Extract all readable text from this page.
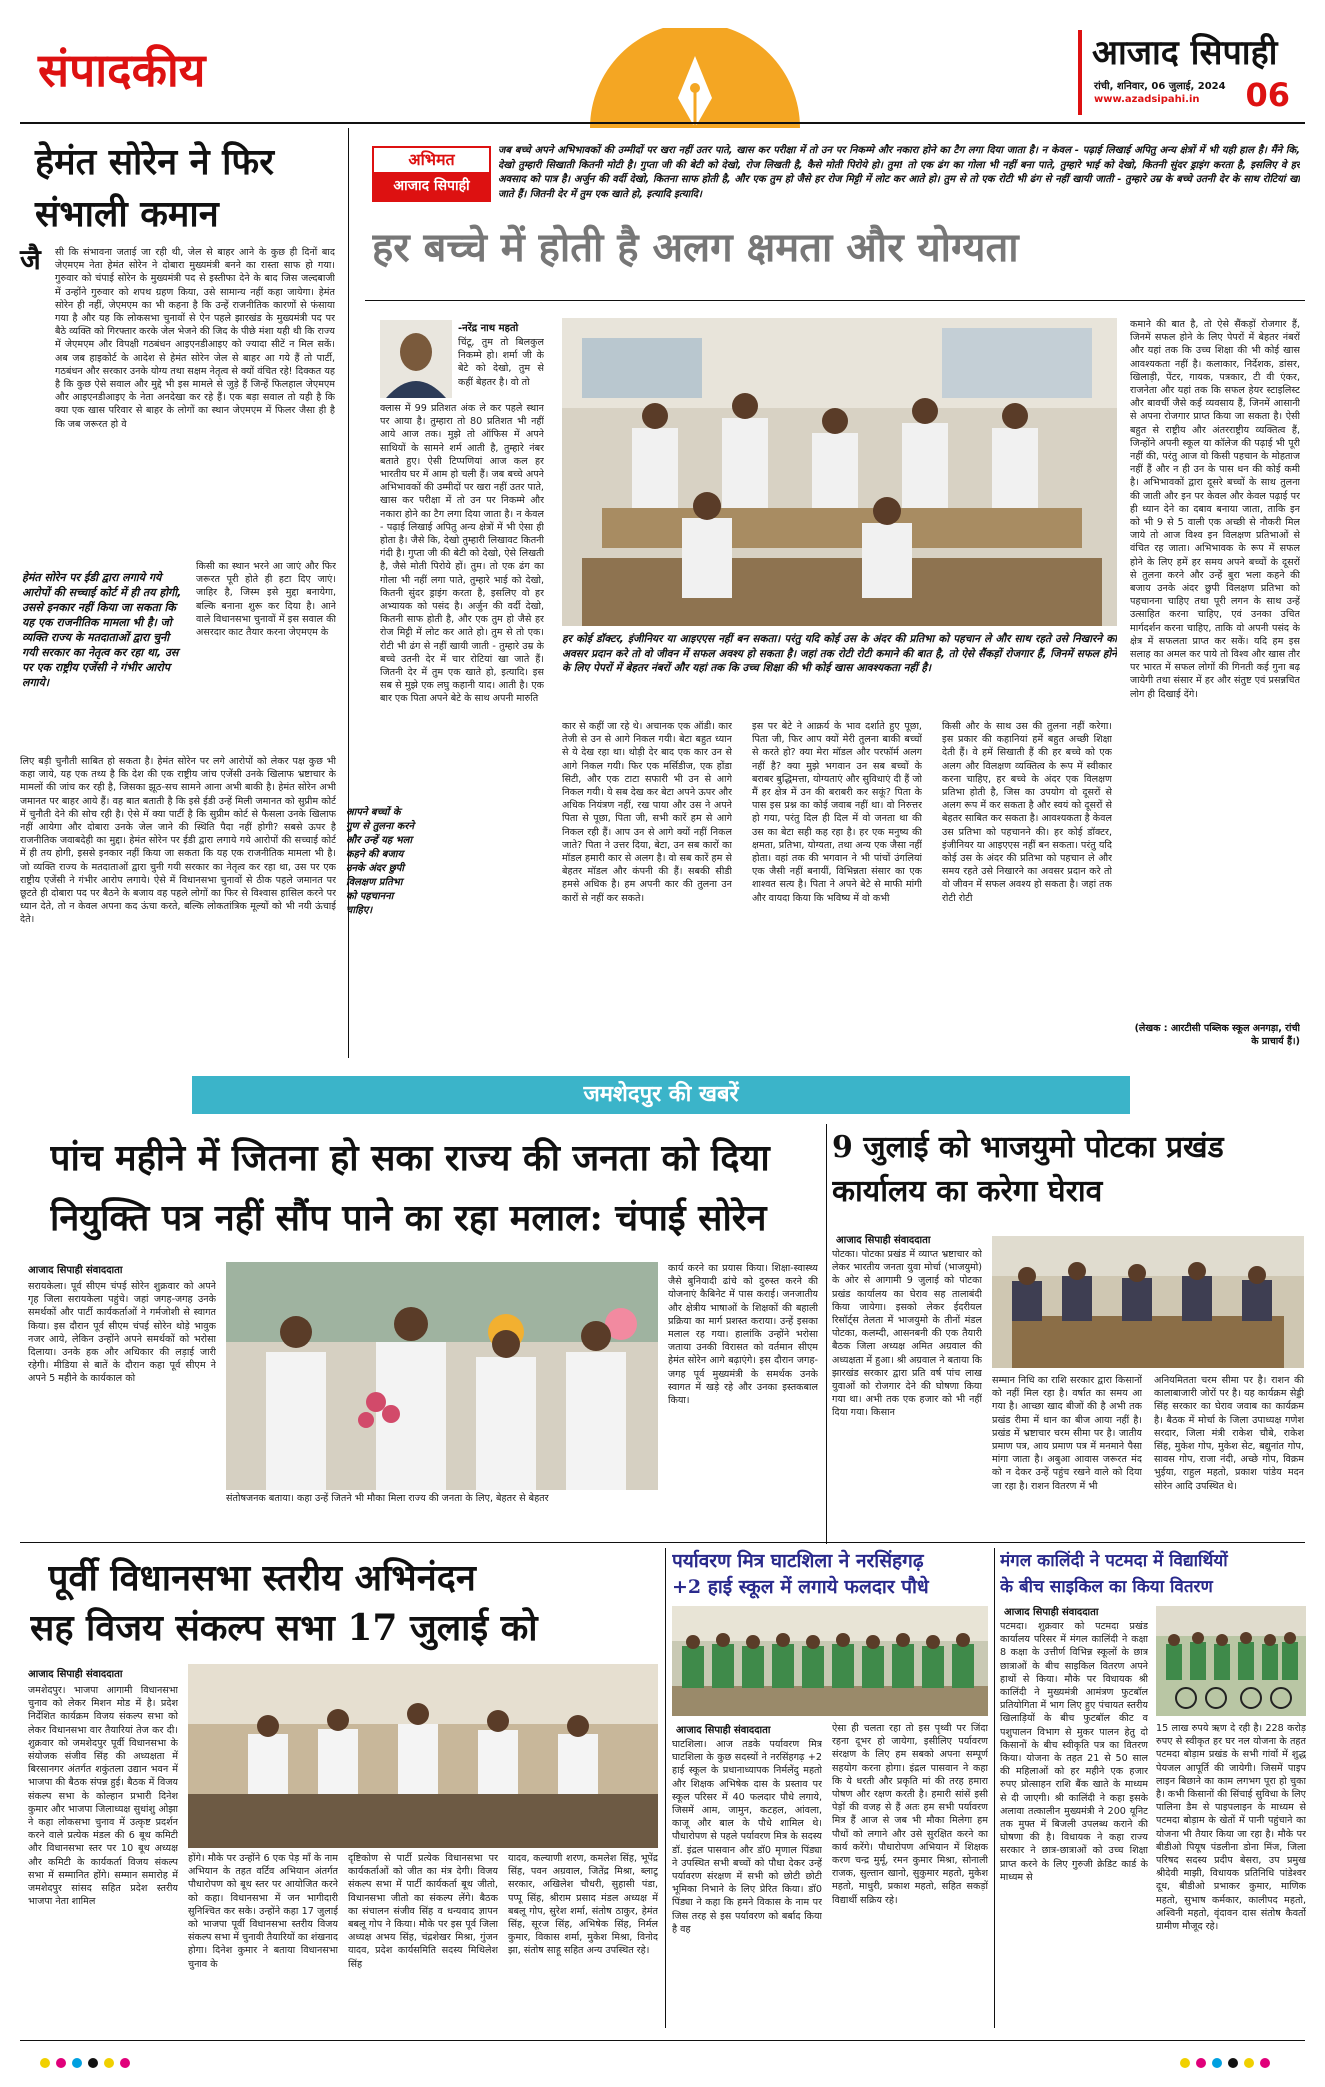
संपादकीय	आजाद सिपाही
रांची, शनिवार, 06 जुलाई, 2024
www.azadsipahi.in	06
हेमंत सोरेन ने फिर संभाली कमान
जै सी कि संभावना जताई जा रही थी, जेल से बाहर आने के कुछ ही दिनों बाद जेएमएम नेता हेमंत सोरेन ने दोबारा मुख्यमंत्री बनने का रास्ता साफ हो गया। गुरुवार को चंपाई सोरेन के मुख्यमंत्री पद से इस्तीफा देने के बाद जिस जल्दबाजी में उन्होंने गुरुवार को शपथ ग्रहण किया, उसे सामान्य नहीं कहा जायेगा। हेमंत सोरेन ही नहीं, जेएमएम का भी कहना है कि उन्हें राजनीतिक कारणों से फंसाया गया है और यह कि लोकसभा चुनावों से ऐन पहले झारखंड के मुख्यमंत्री पद पर बैठे व्यक्ति को गिरफ्तार करके जेल भेजने की जिद के पीछे मंशा यही थी कि राज्य में जेएमएम और विपक्षी गठबंधन आइएनडीआइए को ज्यादा सीटें न मिल सकें। अब जब हाइकोर्ट के आदेश से हेमंत सोरेन जेल से बाहर आ गये हैं तो पार्टी, गठबंधन और सरकार उनके योग्य तथा सक्षम नेतृत्व से क्यों वंचित रहे! दिक्कत यह है कि कुछ ऐसे सवाल और मुद्दे भी इस मामले से जुड़े हैं जिन्हें फिलहाल जेएमएम और आइएनडीआइए के नेता अनदेखा कर रहे हैं। एक बड़ा सवाल तो यही है कि क्या एक खास परिवार से बाहर के लोगों का स्थान जेएमएम में फिलर जैसा ही है कि जब जरूरत हो वे
हेमंत सोरेन पर ईडी द्वारा लगाये गये आरोपों की सच्चाई कोर्ट में ही तय होगी, उससे इनकार नहीं किया जा सकता कि यह एक राजनीतिक मामला भी है। जो व्यक्ति राज्य के मतदाताओं द्वारा चुनी गयी सरकार का नेतृत्व कर रहा था, उस पर एक राष्ट्रीय एजेंसी ने गंभीर आरोप लगाये।
किसी का स्थान भरने आ जाएं और फिर जरूरत पूरी होते ही हटा दिए जाएं। जाहिर है, जिस्म इसे मुद्दा बनायेगा, बल्कि बनाना शुरू कर दिया है। आने वाले विधानसभा चुनावों में इस सवाल की असरदार काट तैयार करना जेएमएम के
लिए बड़ी चुनौती साबित हो सकता है। हेमंत सोरेन पर लगे आरोपों को लेकर पक्ष कुछ भी कहा जाये, यह एक तथ्य है कि देश की एक राष्ट्रीय जांच एजेंसी उनके खिलाफ भ्रष्टाचार के मामलों की जांच कर रही है, जिसका झूठ-सच सामने आना अभी बाकी है। हेमंत सोरेन अभी जमानत पर बाहर आये हैं। वह बात बताती है कि इसे ईडी उन्हें मिली जमानत को सुप्रीम कोर्ट में चुनौती देने की सोच रही है। ऐसे में क्या पार्टी है कि सुप्रीम कोर्ट से फैसला उनके खिलाफ नहीं आयेगा और दोबारा उनके जेल जाने की स्थिति पैदा नहीं होगी? सबसे ऊपर है राजनीतिक जवाबदेही का मुद्दा। हेमंत सोरेन पर ईडी द्वारा लगाये गये आरोपों की सच्चाई कोर्ट में ही तय होगी, इससे इनकार नहीं किया जा सकता कि यह एक राजनीतिक मामला भी है। जो व्यक्ति राज्य के मतदाताओं द्वारा चुनी गयी सरकार का नेतृत्व कर रहा था, उस पर एक राष्ट्रीय एजेंसी ने गंभीर आरोप लगाये। ऐसे में विधानसभा चुनावों से ठीक पहले जमानत पर छूटते ही दोबारा पद पर बैठने के बजाय वह पहले लोगों का फिर से विश्वास हासिल करने पर ध्यान देते, तो न केवल अपना कद ऊंचा करते, बल्कि लोकतांत्रिक मूल्यों को भी नयी ऊंचाई देते।
अभिमत
आजाद सिपाही
जब बच्चे अपने अभिभावकों की उम्मीदों पर खरा नहीं उतर पाते, खास कर परीक्षा में तो उन पर निकम्मे और नकारा होने का टैग लगा दिया जाता है। न केवल - पढ़ाई लिखाई अपितु अन्य क्षेत्रों में भी यही हाल है। मैंने कि, देखो तुम्हारी सिखाती कितनी मोटी है। गुप्ता जी की बेटी को देखो, रोज लिखती है, कैसे मोती पिरोये हो। तुम! तो एक ढंग का गोला भी नहीं बना पाते, तुम्हारे भाई को देखो, कितनी सुंदर ड्राइंग करता है, इसलिए वे हर अवसाद को पात्र है। अर्जुन की वर्दी देखो, कितना साफ होती है, और एक तुम हो जैसे हर रोज मिट्टी में लोट कर आते हो। तुम से तो एक रोटी भी ढंग से नहीं खायी जाती - तुम्हारे उम्र के बच्चे उतनी देर के साथ रोटियां खा जाते हैं। जितनी देर में तुम एक खाते हो, इत्यादि इत्यादि।
हर बच्चे में होती है अलग क्षमता और योग्यता
-नरेंद्र नाथ महतो
चिंटू, तुम तो बिलकुल निकम्मे हो। शर्मा जी के बेटे को देखो, तुम से कहीं बेहतर है। वो तो
क्लास में 99 प्रतिशत अंक ले कर पहले स्थान पर आया है। तुम्हारा तो 80 प्रतिशत भी नहीं आये आज तक। मुझे तो ऑफिस में अपने साथियों के सामने शर्म आती है, तुम्हारे नंबर बताते हुए। ऐसी टिप्पणियां आज कल हर भारतीय घर में आम हो चली हैं। जब बच्चे अपने अभिभावकों की उम्मीदों पर खरा नहीं उतर पाते, खास कर परीक्षा में तो उन पर निकम्मे और नकारा होने का टैग लगा दिया जाता है। न केवल - पढ़ाई लिखाई अपितु अन्य क्षेत्रों में भी ऐसा ही होता है। जैसे कि, देखो तुम्हारी लिखावट कितनी गंदी है। गुप्ता जी की बेटी को देखो, ऐसे लिखती है, जैसे मोती पिरोये हों। तुम। तो एक ढंग का गोला भी नहीं लगा पाते, तुम्हारे भाई को देखो, कितनी सुंदर ड्राइंग करता है, इसलिए वो हर अभ्यायक को पसंद है। अर्जुन की वर्दी देखो, कितनी साफ होती है, और एक तुम हो जैसे हर रोज मिट्टी में लोट कर आते हो। तुम से तो एक। रोटी भी ढंग से नहीं खायी जाती - तुम्हारे उम्र के बच्चे उतनी देर में चार रोटियां खा जाते हैं। जितनी देर में तुम एक खाते हो, इत्यादि। इस सब से मुझे एक लघु कहानी याद। आती है। एक बार एक पिता अपने बेटे के साथ अपनी मारुति
आपने बच्चों के गुण से तुलना करने और उन्हें यह भला कहने की बजाय उनके अंदर छुपी विलक्षण प्रतिभा को पहचानना चाहिए।
हर कोई डॉक्टर, इंजीनियर या आइएएस नहीं बन सकता। परंतु यदि कोई उस के अंदर की प्रतिभा को पहचान ले और साथ रहते उसे निखारने का अवसर प्रदान करे तो वो जीवन में सफल अवश्य हो सकता है। जहां तक रोटी रोटी कमाने की बात है, तो ऐसे सैंकड़ों रोजगार हैं, जिनमें सफल होने के लिए पेपरों में बेहतर नंबरों और यहां तक कि उच्च शिक्षा की भी कोई खास आवश्यकता नहीं है।
कार से कहीं जा रहे थे। अचानक एक ऑडी। कार तेजी से उन से आगे निकल गयी। बेटा बहुत ध्यान से ये देख रहा था। थोड़ी देर बाद एक कार उन से आगे निकल गयी। फिर एक मर्सिडीज, एक होंडा सिटी, और एक टाटा सफारी भी उन से आगे निकल गयी। ये सब देख कर बेटा अपने ऊपर और अधिक नियंत्रण नहीं, रख पाया और उस ने अपने पिता से पूछा, पिता जी, सभी कारें हम से आगे निकल रही हैं। आप उन से आगे क्यों नहीं निकल जाते? पिता ने उत्तर दिया, बेटा, उन सब कारों का मॉडल हमारी कार से अलग है। वो सब कारें हम से बेहतर मॉडल और कंपनी की हैं। सबकी सीडी हमसे अधिक है। हम अपनी कार की तुलना उन कारों से नहीं कर सकते।
इस पर बेटे ने आक्रर्य के भाव दर्शाते हुए पूछा, पिता जी, फिर आप क्यों मेरी तुलना बाकी बच्चों से करते हो? क्या मेरा मॉडल और परफॉर्म अलग नहीं है? क्या मुझे भगवान उन सब बच्चों के बराबर बुद्धिमत्ता, योग्यताएं और सुविधाएं दी हैं जो मैं हर क्षेत्र में उन की बराबरी कर सकूं? पिता के पास इस प्रश्न का कोई जवाब नहीं था। वो निरुत्तर हो गया, परंतु दिल ही दिल में वो जनता था की उस का बेटा सही कह रहा है। हर एक मनुष्य की क्षमता, प्रतिभा, योग्यता, तथा अन्य एक जैसा नहीं होता। वहां तक की भगवान ने भी पांचों उंगलियां एक जैसी नहीं बनायीं, विभिन्नता संसार का एक शाश्वत सत्य है। पिता ने अपने बेटे से माफी मांगी और वायदा किया कि भविष्य में वो कभी
किसी और के साथ उस की तुलना नहीं करेगा। इस प्रकार की कहानियां हमें बहुत अच्छी शिक्षा देती हैं। वे हमें सिखाती हैं की हर बच्चे को एक अलग और विलक्षण व्यक्तित्व के रूप में स्वीकार करना चाहिए, हर बच्चे के अंदर एक विलक्षण प्रतिभा होती है, जिस का उपयोग वो दूसरों से अलग रूप में कर सकता है और स्वयं को दूसरों से बेहतर साबित कर सकता है। आवश्यकता है केवल उस प्रतिभा को पहचानने की। हर कोई डॉक्टर, इंजीनियर या आइएएस नहीं बन सकता। परंतु यदि कोई उस के अंदर की प्रतिभा को पहचान ले और समय रहते उसे निखारने का अवसर प्रदान करे तो वो जीवन में सफल अवश्य हो सकता है। जहां तक रोटी रोटी
कमाने की बात है, तो ऐसे सैंकड़ों रोजगार हैं, जिनमें सफल होने के लिए पेपरों में बेहतर नंबरों और यहां तक कि उच्च शिक्षा की भी कोई खास आवश्यकता नहीं है। कलाकार, निर्देशक, डांसर, खिलाड़ी, पेंटर, गायक, पत्रकार, टी वी एंकर, राजनेता और यहां तक कि सफल हेयर स्टाइलिस्ट और बावर्ची जैसे कई व्यवसाय हैं, जिनमें आसानी से अपना रोजगार प्राप्त किया जा सकता है। ऐसी बहुत से राष्ट्रीय और अंतरराष्ट्रीय व्यक्तित्व हैं, जिन्होंने अपनी स्कूल या कॉलेज की पढ़ाई भी पूरी नहीं की, परंतु आज वो किसी पहचान के मोहताज नहीं हैं और न ही उन के पास धन की कोई कमी है। अभिभावकों द्वारा दूसरे बच्चों के साथ तुलना की जाती और इन पर केवल और केवल पढ़ाई पर ही ध्यान देने का दबाव बनाया जाता, ताकि इन को भी 9 से 5 वाली एक अच्छी से नौकरी मिल जाये तो आज विश्व इन विलक्षण प्रतिभाओं से वंचित रह जाता। अभिभावक के रूप में सफल होने के लिए हमें हर समय अपने बच्चों के दूसरों से तुलना करने और उन्हें बुरा भला कहने की बजाय उनके अंदर छुपी विलक्षण प्रतिभा को पहचानना चाहिए तथा पूरी लगन के साथ उन्हें उत्साहित करना चाहिए, एवं उनका उचित मार्गदर्शन करना चाहिए, ताकि वो अपनी पसंद के क्षेत्र में सफलता प्राप्त कर सकें। यदि हम इस सलाह का अमल कर पाये तो विश्व और खास तौर पर भारत में सफल लोगों की गिनती कई गुना बढ़ जायेगी तथा संसार में हर और संतुष्ट एवं प्रसन्नचित लोग ही दिखाई देंगे।
(लेखक : आरटीसी पब्लिक स्कूल अनगड़ा, रांची के प्राचार्य हैं।)
जमशेदपुर की खबरें
पांच महीने में जितना हो सका राज्य की जनता को दिया
नियुक्ति पत्र नहीं सौंप पाने का रहा मलाल: चंपाई सोरेन
आजाद सिपाही संवाददाता
सरायकेला। पूर्व सीएम चंपई सोरेन शुक्रवार को अपने गृह जिला सरायकेला पहुंचे। जहां जगह-जगह उनके समर्थकों और पार्टी कार्यकर्ताओं ने गर्मजोशी से स्वागत किया। इस दौरान पूर्व सीएम चंपई सोरेन थोड़े भावुक नजर आये, लेकिन उन्होंने अपने समर्थकों को भरोसा दिलाया। उनके हक और अधिकार की लड़ाई जारी रहेगी। मीडिया से बातें के दौरान कहा पूर्व सीएम ने अपने 5 महीने के कार्यकाल को
कार्य करने का प्रयास किया। शिक्षा-स्वास्थ्य जैसे बुनियादी ढांचे को दुरुस्त करने की योजनाएं कैबिनेट में पास कराई। जनजातीय और क्षेत्रीय भाषाओं के शिक्षकों की बहाली प्रक्रिया का मार्ग प्रशस्त कराया। उन्हें इसका मलाल रह गया। हालांकि उन्होंने भरोसा जताया उनकी विरासत को वर्तमान सीएम हेमंत सोरेन आगे बढ़ाएंगे। इस दौरान जगह-जगह पूर्व मुख्यमंत्री के समर्थक उनके स्वागत में खड़े रहे और उनका इस्तकबाल किया।
संतोषजनक बताया। कहा उन्हें जितने भी मौका मिला राज्य की जनता के लिए, बेहतर से बेहतर
9 जुलाई को भाजयुमो पोटका प्रखंड कार्यालय का करेगा घेराव
आजाद सिपाही संवाददाता
पोटका। पोटका प्रखंड में व्याप्त भ्रष्टाचार को लेकर भारतीय जनता युवा मोर्चा (भाजयुमो) के ओर से आगामी 9 जुलाई को पोटका प्रखंड कार्यालय का घेराव सह तालाबंदी किया जायेगा। इसको लेकर ईदरीयल रिसॉर्ट्स तेलता में भाजयुमो के तीनों मंडल पोटका, कलम्दी, आसनबनी की एक तैयारी बैठक जिला अध्यक्ष अमित अग्रवाल की अध्यक्षता में हुआ। श्री अग्रवाल ने बताया कि झारखंड सरकार द्वारा प्रति वर्ष पांच लाख युवाओं को रोजगार देने की घोषणा किया गया था। अभी तक एक हजार को भी नहीं दिया गया। किसान
सम्मान निधि का राशि सरकार द्वारा किसानों को नहीं मिल रहा है। वर्षात का समय आ गया है। आच्छा खाद बीजों की है अभी तक प्रखंड रीमा में धान का बीज आया नहीं है। प्रखंड में भ्रष्टाचार चरम सीमा पर है। जातीय प्रमाण पत्र, आय प्रमाण पत्र में मनमाने पैसा मांगा जाता है। अबुआ आवास जरूरत मंद को न देकर उन्हें पहुंच रखने वाले को दिया जा रहा है। राशन वितरण में भी
अनियमितता चरम सीमा पर है। राशन की कालाबाजारी जोरों पर है। यह कार्यक्रम सेड्डी सिंह सरकार का घेराव जवाब का कार्यक्रम है। बैठक में मोर्चा के जिला उपाध्यक्ष गणेश सरदार, जिला मंत्री राकेश चौबे, राकेश सिंह, मुकेश गोप, मुकेश सेट, बद्युनांत गोप, सावस गोप, राजा नंदी, अच्छे गोप, विक्रम भुईया, राहुल महतो, प्रकाश पांडेय मदन सोरेन आदि उपस्थित थे।
पूर्वी विधानसभा स्तरीय अभिनंदन
सह विजय संकल्प सभा 17 जुलाई को
आजाद सिपाही संवाददाता
जमशेदपुर। भाजपा आगामी विधानसभा चुनाव को लेकर मिशन मोड में है। प्रदेश निर्देशित कार्यक्रम विजय संकल्प सभा को लेकर विधानसभा वार तैयारियां तेज कर दी। शुक्रवार को जमशेदपुर पूर्वी विधानसभा के संयोजक संजीव सिंह की अध्यक्षता में बिरसानगर अंतर्गत शकुंतला उद्यान भवन में भाजपा की बैठक संपन्न हुई। बैठक में विजय संकल्प सभा के कोल्हान प्रभारी दिनेश कुमार और भाजपा जिलाध्यक्ष सुधांशु ओझा ने कहा लोकसभा चुनाव में उत्कृष्ट प्रदर्शन करने वाले प्रत्येक मंडल की 6 बूथ कमिटी और विधानसभा स्तर पर 10 बूथ अध्यक्ष और कमिटी के कार्यकर्ता विजय संकल्प सभा में सम्मानित होंगे। सम्मान समारोह में जमशेदपुर सांसद सहित प्रदेश स्तरीय भाजपा नेता शामिल
होंगे। मौके पर उन्होंने 6 एक पेड़ माँ के नाम अभियान के तहत वर्टिव अभियान अंतर्गत पौधारोपण को बूथ स्तर पर आयोजित करने को कहा। विधानसभा में जन भागीदारी सुनिश्चित कर सके। उन्होंने कहा 17 जुलाई को भाजपा पूर्वी विधानसभा स्तरीय विजय संकल्प सभा में चुनावी तैयारियों का शंखनाद होगा। दिनेश कुमार ने बताया विधानसभा चुनाव के
दृष्टिकोण से पार्टी प्रत्येक विधानसभा पर कार्यकर्ताओं को जीत का मंत्र देगी। विजय संकल्प सभा में पार्टी कार्यकर्ता बूथ जीतो, विधानसभा जीतो का संकल्प लेंगे। बैठक का संचालन संजीव सिंह व धन्यवाद ज्ञापन बबलू गोप ने किया। मौके पर इस पूर्व जिला अध्यक्ष अभय सिंह, चंद्रशेखर मिश्रा, गुंजन यादव, प्रदेश कार्यसमिति सदस्य मिथिलेश सिंह
यादव, कल्याणी शरण, कमलेश सिंह, भूपेंद्र सिंह, पवन अग्रवाल, जितेंद्र मिश्रा, ब्लाटू सरकार, अखिलेश चौधरी, सुहासी पंडा, पप्पू सिंह, श्रीराम प्रसाद मंडल अध्यक्ष में बबलू गोप, सुरेश शर्मा, संतोष ठाकुर, हेमंत सिंह, सूरज सिंह, अभिषेक सिंह, निर्मल कुमार, विकास शर्मा, मुकेश मिश्रा, विनोद झा, संतोष साहू सहित अन्य उपस्थित रहे।
पर्यावरण मित्र घाटशिला ने नरसिंहगढ़
+2 हाई स्कूल में लगाये फलदार पौधे
आजाद सिपाही संवाददाता
घाटशिला। आज तडके पर्यावरण मित्र घाटशिला के कुछ सदस्यों ने नरसिंहगढ़ +2 हाई स्कूल के प्रधानाध्यापक निर्मलेंदु महतो और शिक्षक अभिषेक दास के प्रस्ताव पर स्कूल परिसर में 40 फलदार पौधे लगाये, जिसमें आम, जामुन, कटहल, आंवला, काजू और बाल के पौधे शामिल थे। पौधारोपण से पहले पर्यावरण मित्र के सदस्य डॉ. इंद्रल पासवान और डॉ0 मृणाल पिंड्या ने उपस्थित सभी बच्चों को पौधा देकर उन्हें पर्यावरण संरक्षण में सभी को छोटी छोटी भूमिका निभाने के लिए प्रेरित किया। डॉ0 पिंड्या ने कहा कि हमने विकास के नाम पर जिस तरह से इस पर्यावरण को बर्बाद किया है वह
ऐसा ही चलता रहा तो इस पृथ्वी पर जिंदा रहना दूभर हो जायेगा, इसीलिए पर्यावरण संरक्षण के लिए हम सबको अपना सम्पूर्ण सहयोग करना होगा। इंद्रल पासवान ने कहा कि ये धरती और प्रकृति मां की तरह हमारा पोषण और रक्षण करती है। हमारी सांसें इसी पेड़ों की वजह से हैं अतः हम सभी पर्यावरण मित्र हैं आज से जब भी मौका मिलेगा हम पौधों को लगाने और उसे सुरक्षित करने का कार्य करेंगे। पौधारोपण अभियान में शिक्षक करण चन्द्र मुर्मू, रमन कुमार मिश्रा, सोनाली राजक, सुल्तान खानो, सुकुमार महतो, मुकेश महतो, माधुरी, प्रकाश महतो, सहित सकड़ों विद्यार्थी सक्रिय रहे।
मंगल कालिंदी ने पटमदा में विद्यार्थियों
के बीच साइकिल का किया वितरण
आजाद सिपाही संवाददाता
पटमदा। शुक्रवार को पटमदा प्रखंड कार्यालय परिसर में मंगल कालिंदी ने कक्षा 8 कक्षा के उत्तीर्ण विभिन्न स्कूलों के छात्र छात्राओं के बीच साइकिल वितरण अपने हाथों से किया। मौके पर विधायक श्री कालिंदी ने मुख्यमंत्री आमंत्रण फुटबॉल प्रतियोगिता में भाग लिए हुए पंचायत स्तरीय खिलाड़ियों के बीच फुटबॉल कीट व पशुपालन विभाग से मुकर पालन हेतु दो किसानों के बीच स्वीकृति पत्र का वितरण किया। योजना के तहत 21 से 50 साल की महिलाओं को हर महीने एक हजार रुपए प्रोत्साहन राशि बैंक खाते के माध्यम से दी जाएगी। श्री कालिंदी ने कहा इसके अलावा तत्कालीन मुख्यमंत्री ने 200 यूनिट तक मुफ्त में बिजली उपलब्ध कराने की घोषणा की है। विधायक ने कहा राज्य सरकार ने छात्र-छात्राओं को उच्च शिक्षा प्राप्त करने के लिए गुरुजी क्रेडिट कार्ड के माध्यम से
15 लाख रुपये ऋण दे रही है। 228 करोड़ रुपए से स्वीकृत हर घर नल योजना के तहत पटमदा बोड़ाम प्रखंड के सभी गांवों में शुद्ध पेयजल आपूर्ति की जायेगी। जिसमें पाइप लाइन बिछाने का काम लगभग पूरा हो चुका है। कभी किसानों की सिंचाई सुविधा के लिए पालिना डैम से पाइपलाइन के माध्यम से पटमदा बोड़ाम के खेतों में पानी पहुंचाने का योजना भी तैयार किया जा रहा है। मौके पर बीडीओ पियूष पंडलीना डोना मिंज, जिला परिषद सदस्य प्रदीप बेसरा, उप प्रमुख श्रीदेवी माझी, विधायक प्रतिनिधि पांडेश्वर दूध, बीडीओ प्रभाकर कुमार, माणिक महतो, सुभाष कर्मकार, कालीपद महतो, अश्विनी महतो, वृंदावन दास संतोष कैवर्तो ग्रामीण मौजूद रहे।
